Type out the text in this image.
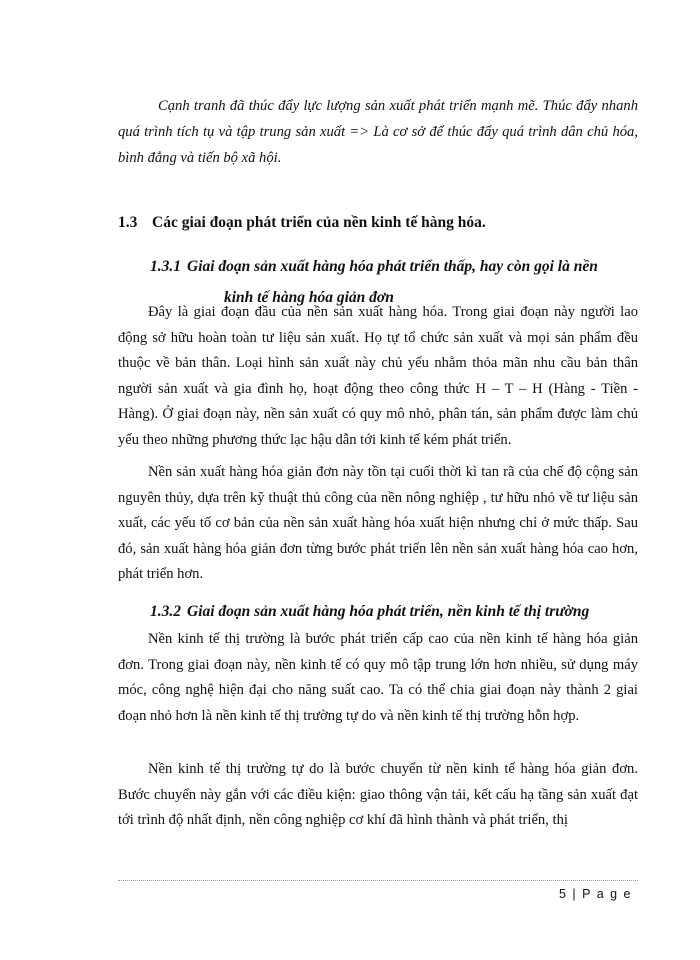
Cạnh tranh đã thúc đẩy lực lượng sản xuất phát triển mạnh mẽ. Thúc đẩy nhanh quá trình tích tụ và tập trung sản xuất => Là cơ sở để thúc đẩy quá trình dân chủ hóa, bình đẳng và tiến bộ xã hội.

1.3 Các giai đoạn phát triển của nền kinh tế hàng hóa.
1.3.1 Giai đoạn sản xuất hàng hóa phát triển thấp, hay còn gọi là nền
kinh tế hàng hóa giản đơn

Đây là giai đoạn đầu của nền sản xuất hàng hóa. Trong giai đoạn này người lao động sở hữu hoàn toàn tư liệu sản xuất. Họ tự tổ chức sản xuất và mọi sản phẩm đều thuộc về bản thân. Loại hình sản xuất này chủ yếu nhằm thỏa mãn nhu cầu bản thân người sản xuất và gia đình họ, hoạt động theo công thức H – T – H (Hàng - Tiền - Hàng). Ở giai đoạn này, nền sản xuất có quy mô nhỏ, phân tán, sản phẩm được làm chủ yếu theo những phương thức lạc hậu dẫn tới kinh tế kém phát triển.

Nền sản xuất hàng hóa giản đơn này tồn tại cuối thời kì tan rã của chế độ cộng sản nguyên thủy, dựa trên kỹ thuật thủ công của nền nông nghiệp , tư hữu nhỏ về tư liệu sản xuất, các yếu tố cơ bản của nền sản xuất hàng hóa xuất hiện nhưng chỉ ở mức thấp. Sau đó, sản xuất hàng hóa giản đơn từng bước phát triển lên nền sản xuất hàng hóa cao hơn, phát triển hơn.

1.3.2 Giai đoạn sản xuất hàng hóa phát triển, nền kinh tế thị trường

Nền kinh tế thị trường là bước phát triển cấp cao của nền kinh tế hàng hóa giản đơn. Trong giai đoạn này, nền kinh tế có quy mô tập trung lớn hơn nhiều, sử dụng máy móc, công nghệ hiện đại cho năng suất cao. Ta có thể chia giai đoạn này thành 2 giai đoạn nhỏ hơn là nền kinh tế thị trường tự do và nền kinh tế thị trường hỗn hợp.

Nền kinh tế thị trường tự do là bước chuyển từ nền kinh tế hàng hóa giản đơn. Bước chuyển này gắn với các điều kiện: giao thông vận tải, kết cấu hạ tầng sản xuất đạt tới trình độ nhất định, nền công nghiệp cơ khí đã hình thành và phát triển, thị

5 | P a g e
